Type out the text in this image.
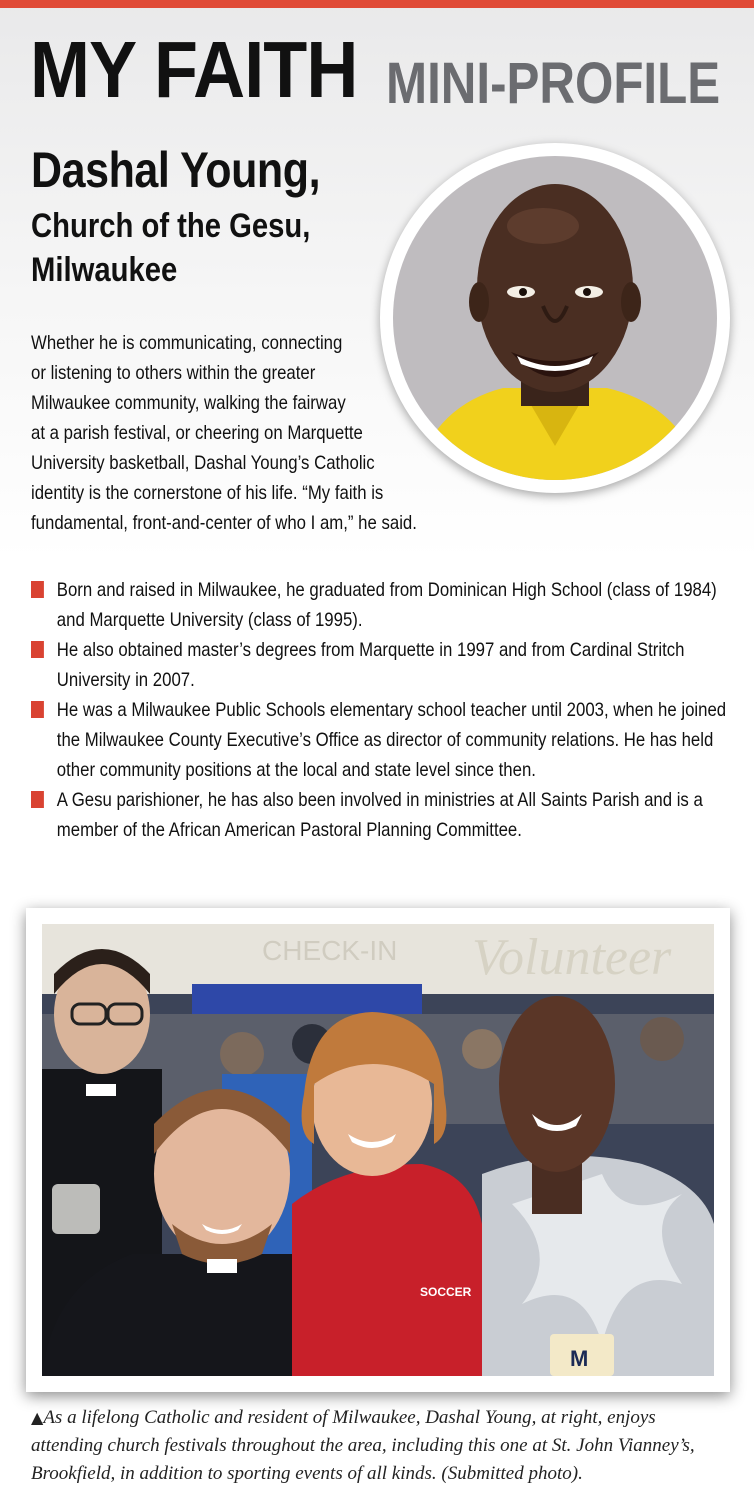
MY FAITH MINI-PROFILE
Dashal Young,
Church of the Gesu,
Milwaukee
Whether he is communicating, connecting
or listening to others within the greater
Milwaukee community, walking the fairway
at a parish festival, or cheering on Marquette
University basketball, Dashal Young’s Catholic
identity is the cornerstone of his life. “My faith is
fundamental, front-and-center of who I am,” he said.
Born and raised in Milwaukee, he graduated from Dominican High School (class of 1984)
and Marquette University (class of 1995).
He also obtained master’s degrees from Marquette in 1997 and from Cardinal Stritch
University in 2007.
He was a Milwaukee Public Schools elementary school teacher until 2003, when he joined
the Milwaukee County Executive’s Office as director of community relations. He has held
other community positions at the local and state level since then.
A Gesu parishioner, he has also been involved in ministries at All Saints Parish and is a
member of the African American Pastoral Planning Committee.
Volunteer
CHECK-IN
SOCCER
M
▲As a lifelong Catholic and resident of Milwaukee, Dashal Young, at right, enjoys
attending church festivals throughout the area, including this one at St. John Vianney’s,
Brookfield, in addition to sporting events of all kinds. (Submitted photo).
